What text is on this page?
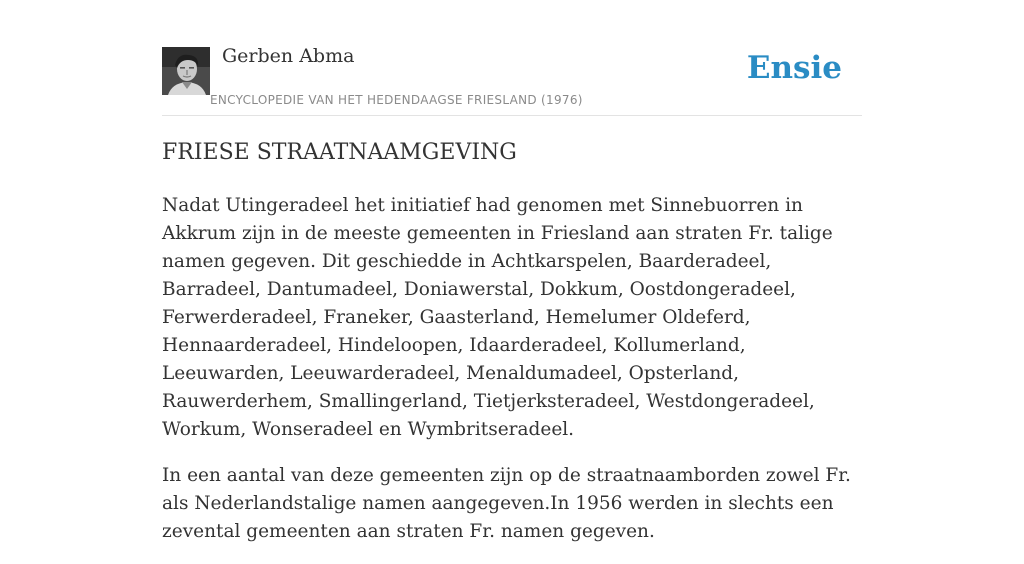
Gerben Abma
ENCYCLOPEDIE VAN HET HEDENDAAGSE FRIESLAND (1976)
Ensie
FRIESE STRAATNAAMGEVING

Nadat Utingeradeel het initiatief had genomen met Sinnebuorren in Akkrum zijn in de meeste gemeenten in Friesland aan straten Fr. talige namen gegeven. Dit geschiedde in Achtkarspelen, Baarderadeel, Barradeel, Dantumadeel, Doniawerstal, Dokkum, Oostdongeradeel, Ferwerderadeel, Franeker, Gaasterland, Hemelumer Oldeferd, Hennaarderadeel, Hindeloopen, Idaarderadeel, Kollumerland, Leeuwarden, Leeuwarderadeel, Menaldumadeel, Opsterland, Rauwerderhem, Smallingerland, Tietjerksteradeel, Westdongeradeel, Workum, Wonseradeel en Wymbritseradeel.

In een aantal van deze gemeenten zijn op de straatnaamborden zowel Fr. als Nederlandstalige namen aangegeven.In 1956 werden in slechts een zevental gemeenten aan straten Fr. namen gegeven.
